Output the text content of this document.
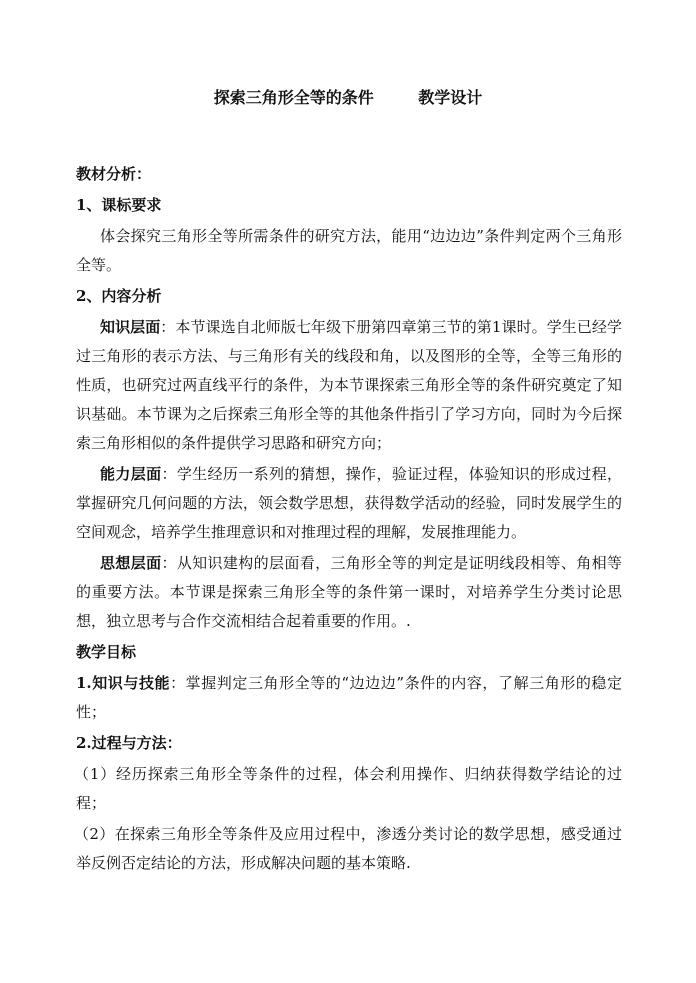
探索三角形全等的条件        教学设计

教材分析：

1、课标要求

体会探究三角形全等所需条件的研究方法，能用“边边边”条件判定两个三角形全等。

2、内容分析

知识层面：本节课选自北师版七年级下册第四章第三节的第1课时。学生已经学过三角形的表示方法、与三角形有关的线段和角，以及图形的全等，全等三角形的性质，也研究过两直线平行的条件，为本节课探索三角形全等的条件研究奠定了知识基础。本节课为之后探索三角形全等的其他条件指引了学习方向，同时为今后探索三角形相似的条件提供学习思路和研究方向；

能力层面：学生经历一系列的猜想，操作，验证过程，体验知识的形成过程，掌握研究几何问题的方法，领会数学思想，获得数学活动的经验，同时发展学生的空间观念，培养学生推理意识和对推理过程的理解，发展推理能力。

思想层面：从知识建构的层面看，三角形全等的判定是证明线段相等、角相等的重要方法。本节课是探索三角形全等的条件第一课时，对培养学生分类讨论思想，独立思考与合作交流相结合起着重要的作用。.

教学目标

1.知识与技能：掌握判定三角形全等的“边边边”条件的内容，了解三角形的稳定性；

2.过程与方法：

（1）经历探索三角形全等条件的过程，体会利用操作、归纳获得数学结论的过程；

（2）在探索三角形全等条件及应用过程中，渗透分类讨论的数学思想，感受通过举反例否定结论的方法，形成解决问题的基本策略.
